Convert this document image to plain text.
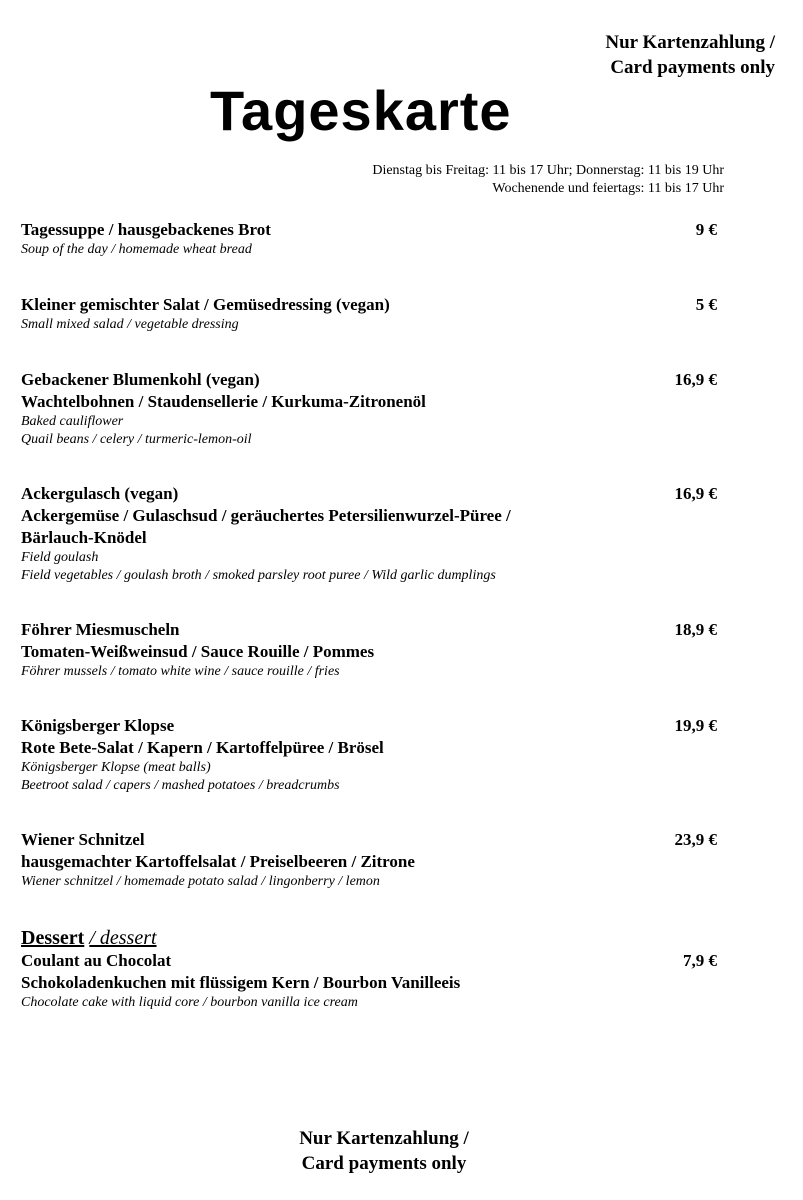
Nur Kartenzahlung /
Card payments only
Tageskarte
Dienstag bis Freitag: 11 bis 17 Uhr; Donnerstag: 11 bis 19 Uhr
Wochenende und feiertags: 11 bis 17 Uhr
Tagessuppe / hausgebackenes Brot
Soup of the day / homemade wheat bread
9 €
Kleiner gemischter Salat / Gemüsedressing (vegan)
Small mixed salad / vegetable dressing
5 €
Gebackener Blumenkohl (vegan)
Wachtelbohnen / Staudensellerie / Kurkuma-Zitronenöl
Baked cauliflower
Quail beans / celery / turmeric-lemon-oil
16,9 €
Ackergulasch (vegan)
Ackergemüse / Gulaschsud / geräuchertes Petersilienwurzel-Püree /
Bärlauch-Knödel
Field goulash
Field vegetables / goulash broth / smoked parsley root puree / Wild garlic dumplings
16,9 €
Föhrer Miesmuscheln
Tomaten-Weißweinsud / Sauce Rouille / Pommes
Föhrer mussels / tomato white wine / sauce rouille / fries
18,9 €
Königsberger Klopse
Rote Bete-Salat / Kapern / Kartoffelpüree / Brösel
Königsberger Klopse (meat balls)
Beetroot salad / capers / mashed potatoes / breadcrumbs
19,9 €
Wiener Schnitzel
hausgemachter Kartoffelsalat / Preiselbeeren / Zitrone
Wiener schnitzel / homemade potato salad / lingonberry / lemon
23,9 €
Dessert / dessert
Coulant au Chocolat
Schokoladenkuchen mit flüssigem Kern / Bourbon Vanilleeis
Chocolate cake with liquid core / bourbon vanilla ice cream
7,9 €
Nur Kartenzahlung /
Card payments only
